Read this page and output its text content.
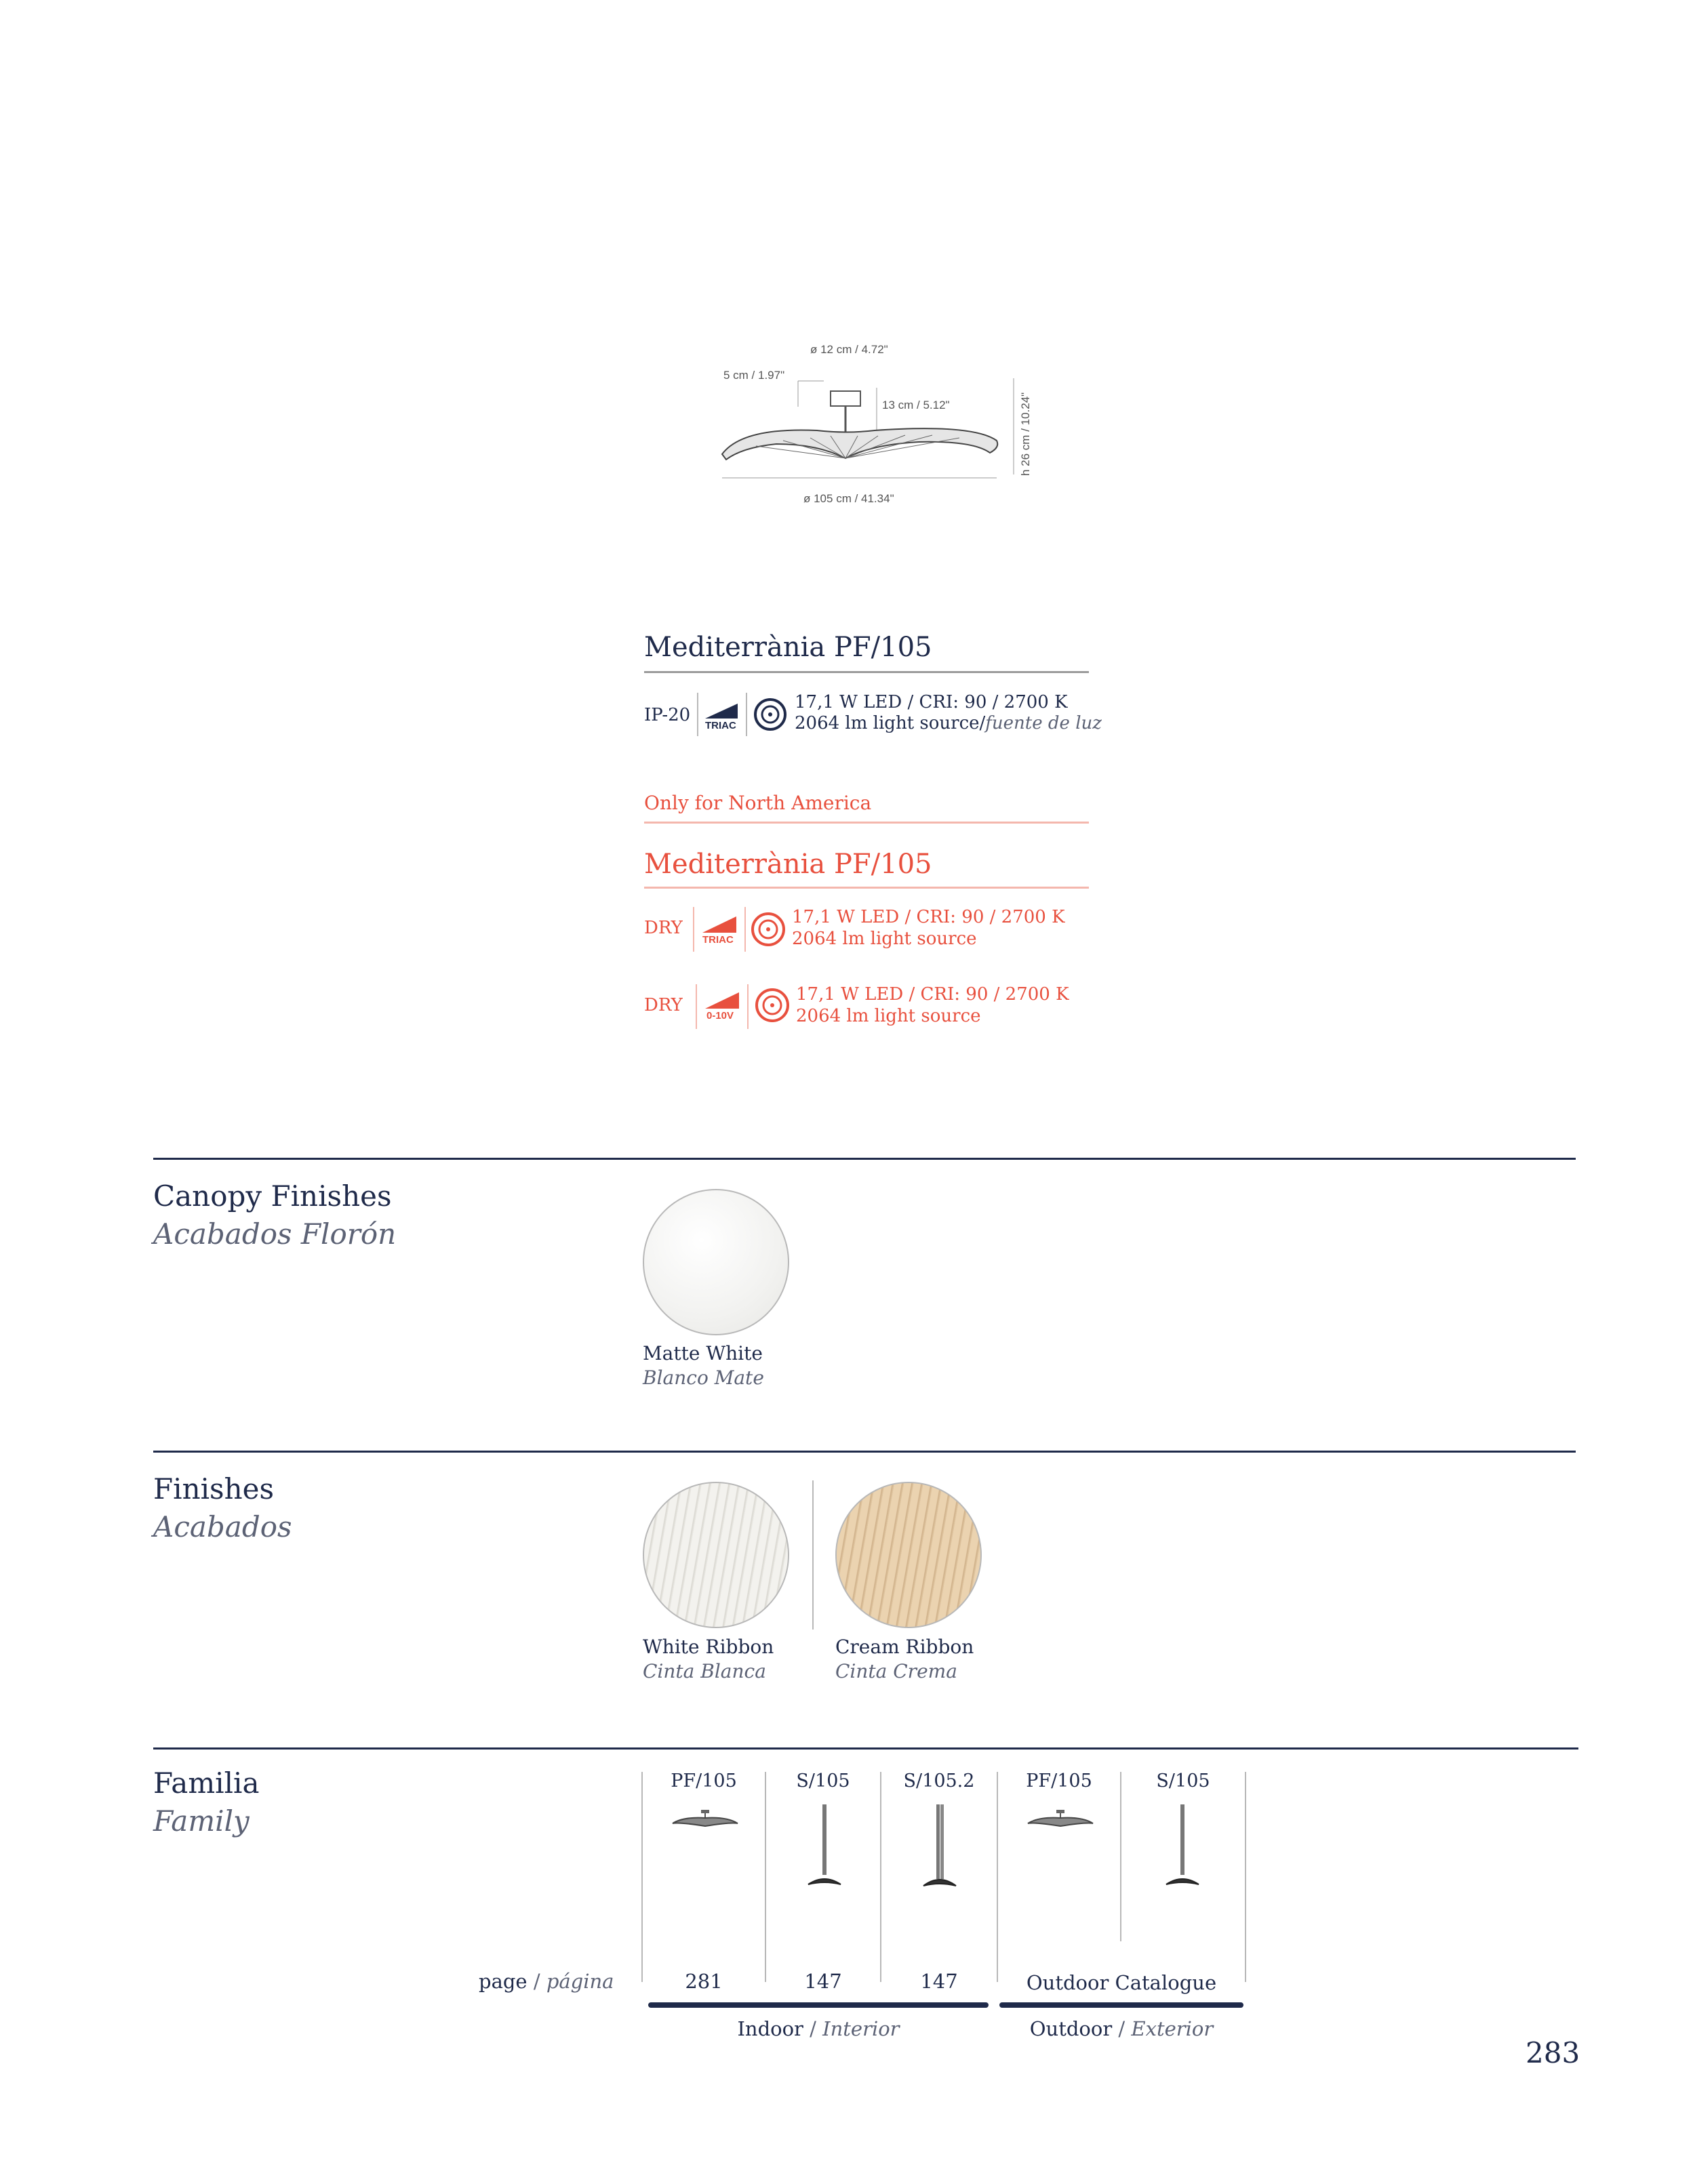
ø 12 cm / 4.72"
5 cm / 1.97"
13 cm / 5.12"	h 26 cm / 10.24"
ø 105 cm / 41.34"
Mediterrània PF/105
IP-20
TRIAC
17,1 W LED / CRI: 90 / 2700 K
2064 lm light source/fuente de luz
Only for North America
Mediterrània PF/105
DRY
TRIAC
17,1 W LED / CRI: 90 / 2700 K
2064 lm light source
DRY
0-10V
17,1 W LED / CRI: 90 / 2700 K
2064 lm light source
Canopy Finishes
Acabados Florón
Matte White
Blanco Mate
Finishes
Acabados
White Ribbon
Cinta Blanca
Cream Ribbon
Cinta Crema
Familia
Family
PF/105	S/105	S/105.2	PF/105	S/105
page / página	281	147	147	Outdoor Catalogue
Indoor / Interior	Outdoor / Exterior
283
